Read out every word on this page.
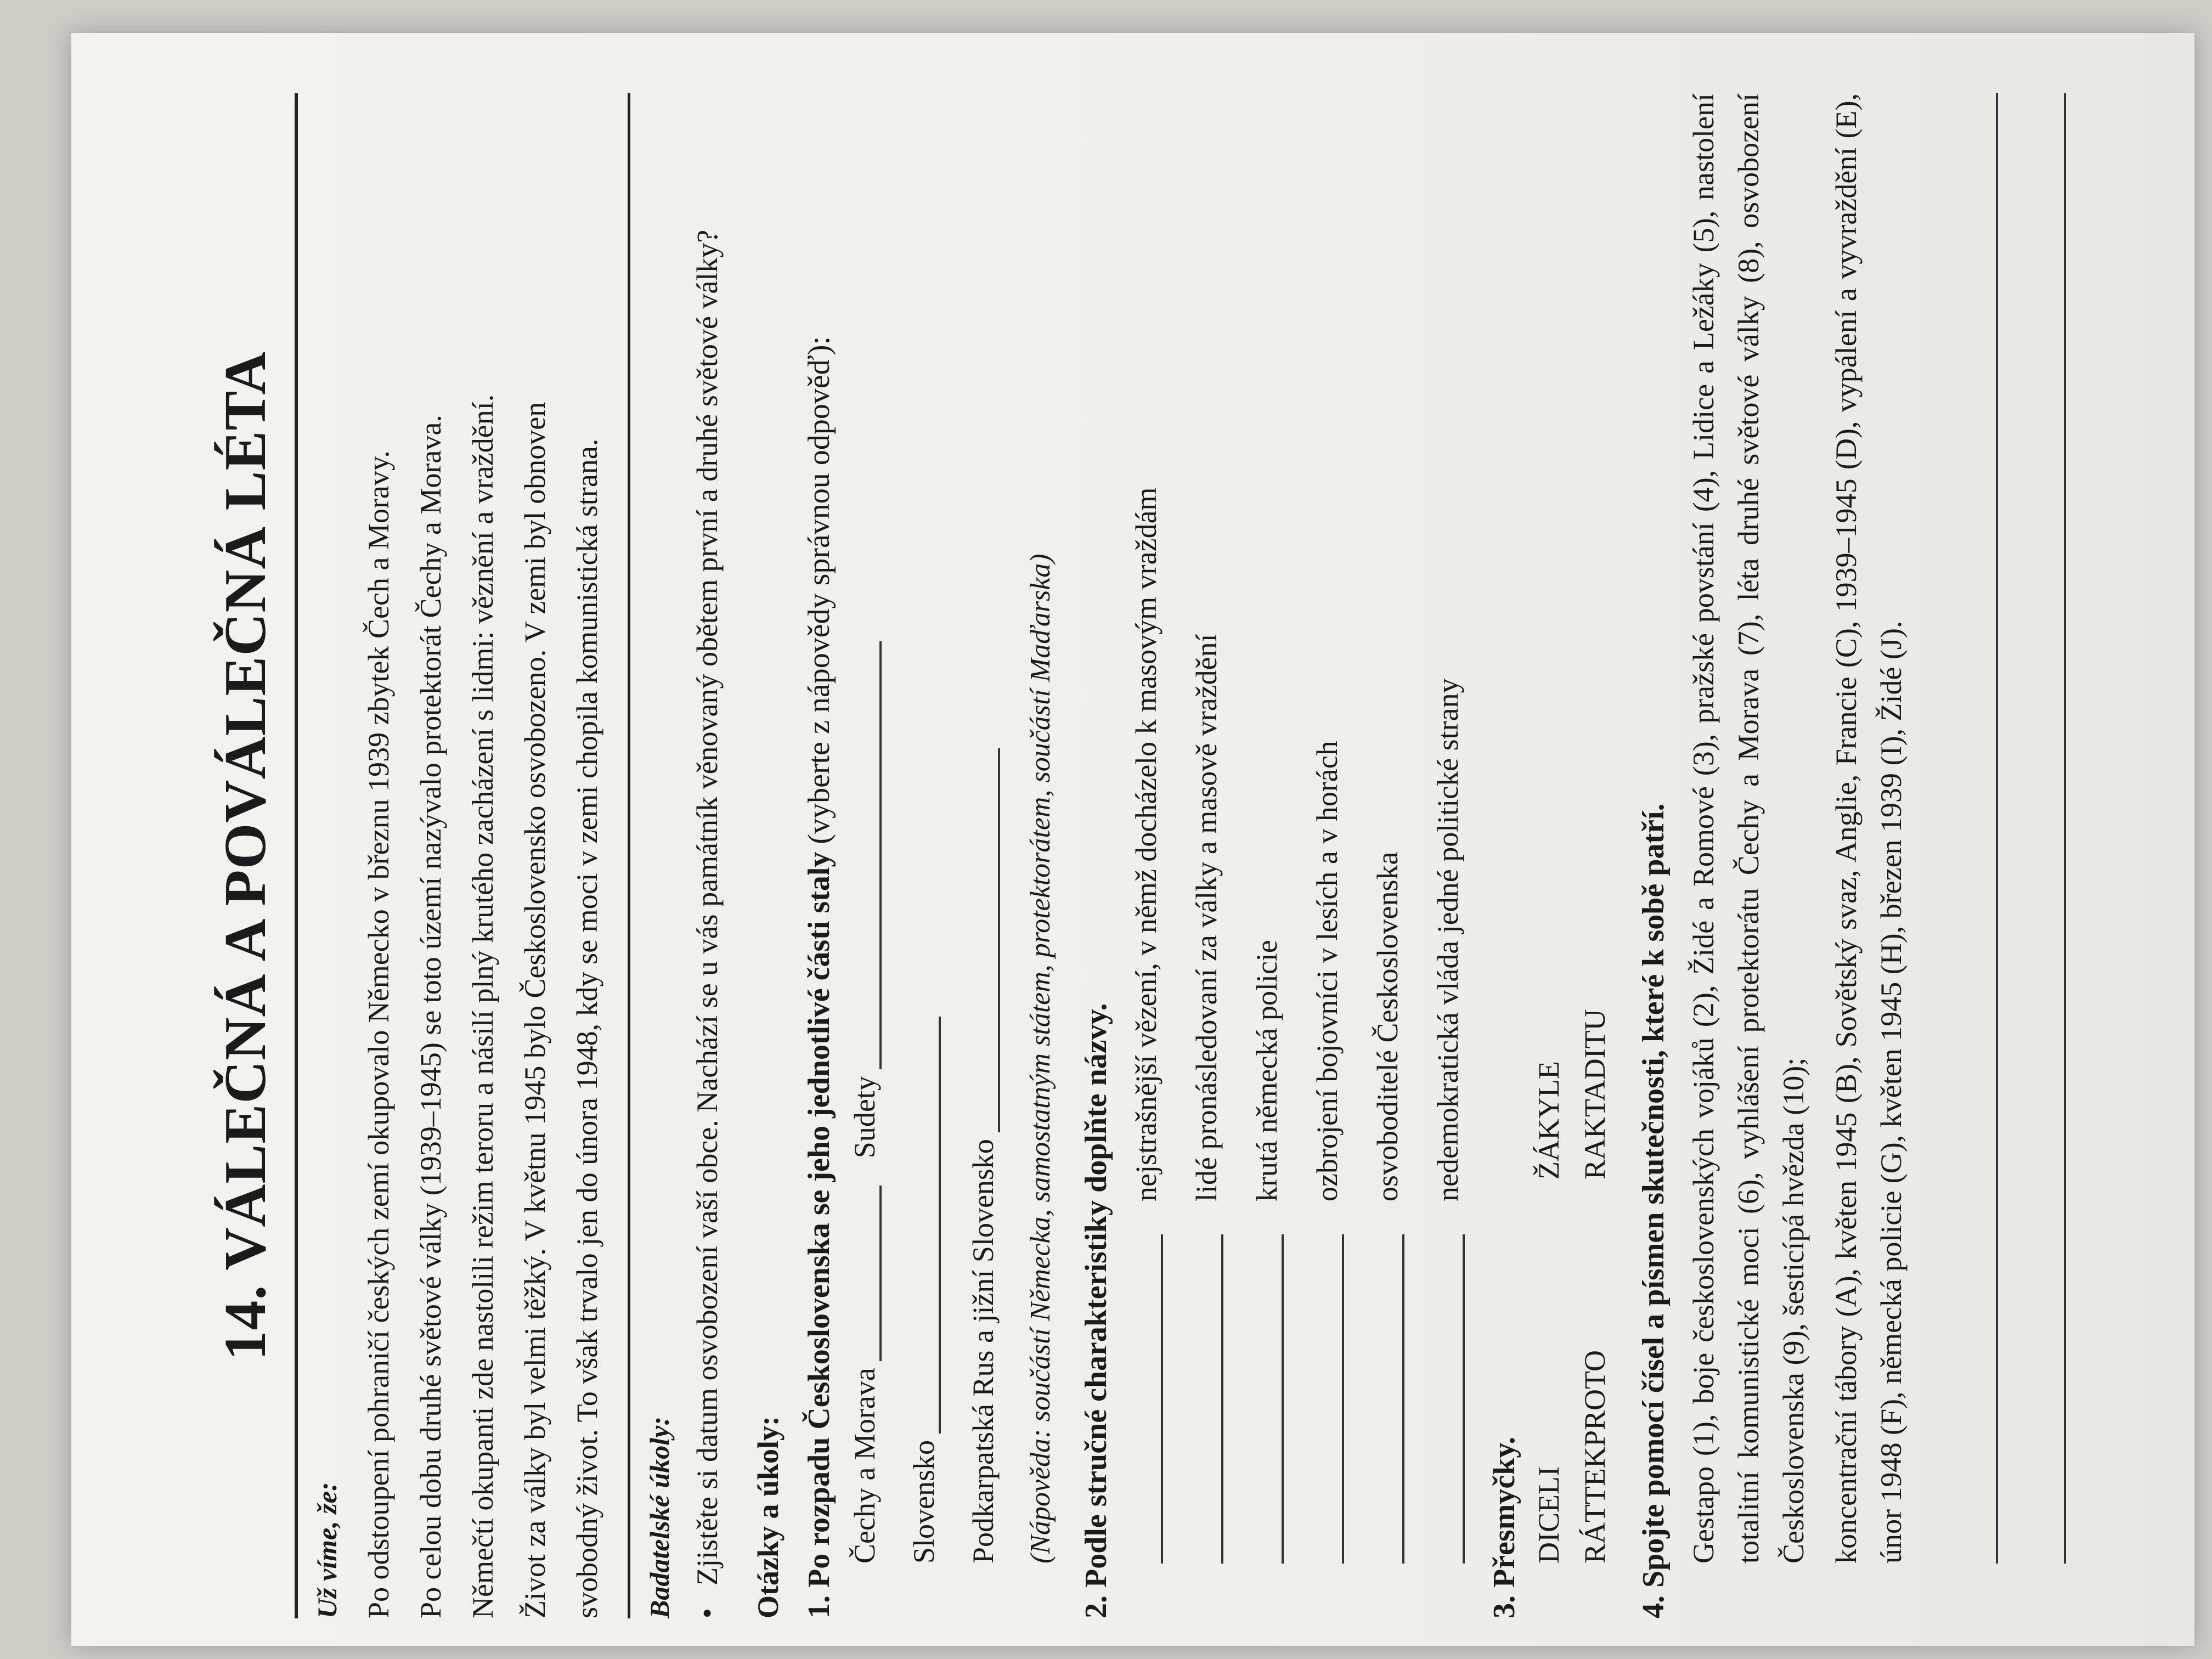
14. VÁLEČNÁ A POVÁLEČNÁ LÉTA
Už víme, že: Po odstoupení pohraničí českých zemí okupovalo Německo v březnu 1939 zbytek Čech a Moravy. Po celou dobu druhé světové války (1939–1945) se toto území nazývalo protektorát Čechy a Morava. Němečtí okupanti zde nastolili režim teroru a násilí plný krutého zacházení s lidmi: věznění a vraždění. Život za války byl velmi těžký. V květnu 1945 bylo Československo osvobozeno. V zemi byl obnoven svobodný život. To však trvalo jen do února 1948, kdy se moci v zemi chopila komunistická strana.	Badatelské úkoly: •
Zjistěte si datum osvobození vaší obce. Nachází se u vás památník věnovaný obětem první a druhé světové války? Otázky a úkoly: 1. Po rozpadu Československa se jeho jednotlivé části staly (vyberte z nápovědy správnou odpověď):
Čechy a Morava
Sudety
Slovensko Podkarpatská Rus a jižní Slovensko (Nápověda: součástí Německa, samostatným státem, protektorátem, součástí Maďarska)
2. Podle stručné charakteristiky doplňte názvy.
nejstrašnější vězení, v němž docházelo k masovým vraždám lidé pronásledovaní za války a masově vraždění krutá německá policie ozbrojení bojovníci v lesích a v horách osvoboditelé Československa nedemokratická vláda jedné politické strany
3. Přesmyčky. DICELI
ŽÁKYLE
RÁTTEKPROTO
RAKTADITU
4. Spojte pomocí čísel a písmen skutečnosti, které k sobě patří. Gestapo (1), boje československých vojáků (2), Židé a Romové (3), pražské povstání (4), Lidice a Ležáky (5), nastolení totalitní komunistické moci (6), vyhlášení protektorátu Čechy a Morava (7), léta druhé světové války (8), osvobození Československa (9), šesticípá hvězda (10); koncentrační tábory (A), květen 1945 (B), Sovětský svaz, Anglie, Francie (C), 1939–1945 (D), vypálení a vyvraždění (E), únor 1948 (F), německá policie (G), květen 1945 (H), březen 1939 (I), Židé (J).
